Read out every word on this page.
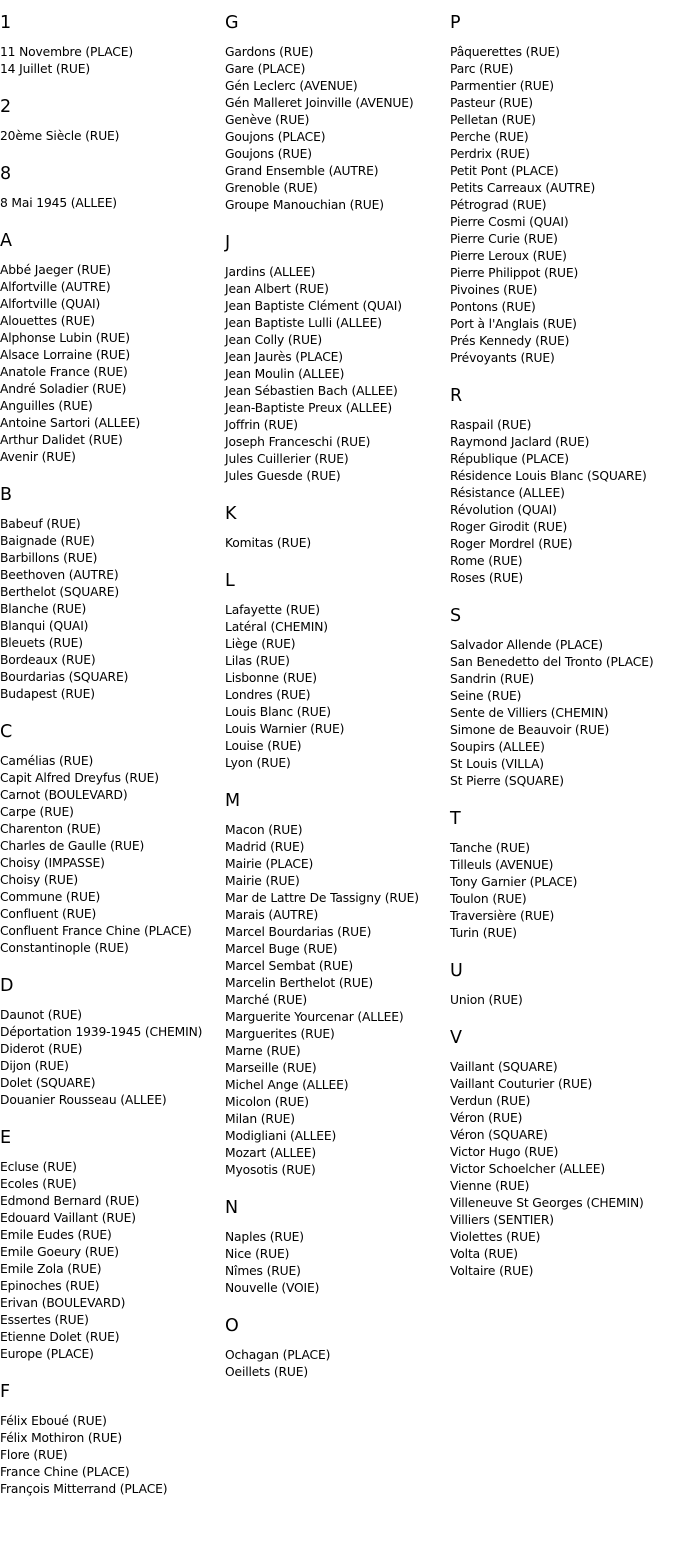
1
11 Novembre (PLACE)
14 Juillet (RUE)
2
20ème Siècle (RUE)
8
8 Mai 1945 (ALLEE)
A
Abbé Jaeger (RUE)
Alfortville (AUTRE)
Alfortville (QUAI)
Alouettes (RUE)
Alphonse Lubin (RUE)
Alsace Lorraine (RUE)
Anatole France (RUE)
André Soladier (RUE)
Anguilles (RUE)
Antoine Sartori (ALLEE)
Arthur Dalidet (RUE)
Avenir (RUE)
B
Babeuf (RUE)
Baignade (RUE)
Barbillons (RUE)
Beethoven (AUTRE)
Berthelot (SQUARE)
Blanche (RUE)
Blanqui (QUAI)
Bleuets (RUE)
Bordeaux (RUE)
Bourdarias (SQUARE)
Budapest (RUE)
C
Camélias (RUE)
Capit Alfred Dreyfus (RUE)
Carnot (BOULEVARD)
Carpe (RUE)
Charenton (RUE)
Charles de Gaulle (RUE)
Choisy (IMPASSE)
Choisy (RUE)
Commune (RUE)
Confluent (RUE)
Confluent France Chine (PLACE)
Constantinople (RUE)
D
Daunot (RUE)
Déportation 1939-1945 (CHEMIN)
Diderot (RUE)
Dijon (RUE)
Dolet (SQUARE)
Douanier Rousseau (ALLEE)
E
Ecluse (RUE)
Ecoles (RUE)
Edmond Bernard (RUE)
Edouard Vaillant (RUE)
Emile Eudes (RUE)
Emile Goeury (RUE)
Emile Zola (RUE)
Epinoches (RUE)
Erivan (BOULEVARD)
Essertes (RUE)
Etienne Dolet (RUE)
Europe (PLACE)
F
Félix Eboué (RUE)
Félix Mothiron (RUE)
Flore (RUE)
France Chine (PLACE)
François Mitterrand (PLACE)
G
Gardons (RUE)
Gare (PLACE)
Gén Leclerc (AVENUE)
Gén Malleret Joinville (AVENUE)
Genève (RUE)
Goujons (PLACE)
Goujons (RUE)
Grand Ensemble (AUTRE)
Grenoble (RUE)
Groupe Manouchian (RUE)
J
Jardins (ALLEE)
Jean Albert (RUE)
Jean Baptiste Clément (QUAI)
Jean Baptiste Lulli (ALLEE)
Jean Colly (RUE)
Jean Jaurès (PLACE)
Jean Moulin (ALLEE)
Jean Sébastien Bach (ALLEE)
Jean-Baptiste Preux (ALLEE)
Joffrin (RUE)
Joseph Franceschi (RUE)
Jules Cuillerier (RUE)
Jules Guesde (RUE)
K
Komitas (RUE)
L
Lafayette (RUE)
Latéral (CHEMIN)
Liège (RUE)
Lilas (RUE)
Lisbonne (RUE)
Londres (RUE)
Louis Blanc (RUE)
Louis Warnier (RUE)
Louise (RUE)
Lyon (RUE)
M
Macon (RUE)
Madrid (RUE)
Mairie (PLACE)
Mairie (RUE)
Mar de Lattre De Tassigny (RUE)
Marais (AUTRE)
Marcel Bourdarias (RUE)
Marcel Buge (RUE)
Marcel Sembat (RUE)
Marcelin Berthelot (RUE)
Marché (RUE)
Marguerite Yourcenar (ALLEE)
Marguerites (RUE)
Marne (RUE)
Marseille (RUE)
Michel Ange (ALLEE)
Micolon (RUE)
Milan (RUE)
Modigliani (ALLEE)
Mozart (ALLEE)
Myosotis (RUE)
N
Naples (RUE)
Nice (RUE)
Nîmes (RUE)
Nouvelle (VOIE)
O
Ochagan (PLACE)
Oeillets (RUE)
P
Pâquerettes (RUE)
Parc (RUE)
Parmentier (RUE)
Pasteur (RUE)
Pelletan (RUE)
Perche (RUE)
Perdrix (RUE)
Petit Pont (PLACE)
Petits Carreaux (AUTRE)
Pétrograd (RUE)
Pierre Cosmi (QUAI)
Pierre Curie (RUE)
Pierre Leroux (RUE)
Pierre Philippot (RUE)
Pivoines (RUE)
Pontons (RUE)
Port à l'Anglais (RUE)
Prés Kennedy (RUE)
Prévoyants (RUE)
R
Raspail (RUE)
Raymond Jaclard (RUE)
République (PLACE)
Résidence Louis Blanc (SQUARE)
Résistance (ALLEE)
Révolution (QUAI)
Roger Girodit (RUE)
Roger Mordrel (RUE)
Rome (RUE)
Roses (RUE)
S
Salvador Allende (PLACE)
San Benedetto del Tronto (PLACE)
Sandrin (RUE)
Seine (RUE)
Sente de Villiers (CHEMIN)
Simone de Beauvoir (RUE)
Soupirs (ALLEE)
St Louis (VILLA)
St Pierre (SQUARE)
T
Tanche (RUE)
Tilleuls (AVENUE)
Tony Garnier (PLACE)
Toulon (RUE)
Traversière (RUE)
Turin (RUE)
U
Union (RUE)
V
Vaillant (SQUARE)
Vaillant Couturier (RUE)
Verdun (RUE)
Véron (RUE)
Véron (SQUARE)
Victor Hugo (RUE)
Victor Schoelcher (ALLEE)
Vienne (RUE)
Villeneuve St Georges (CHEMIN)
Villiers (SENTIER)
Violettes (RUE)
Volta (RUE)
Voltaire (RUE)
